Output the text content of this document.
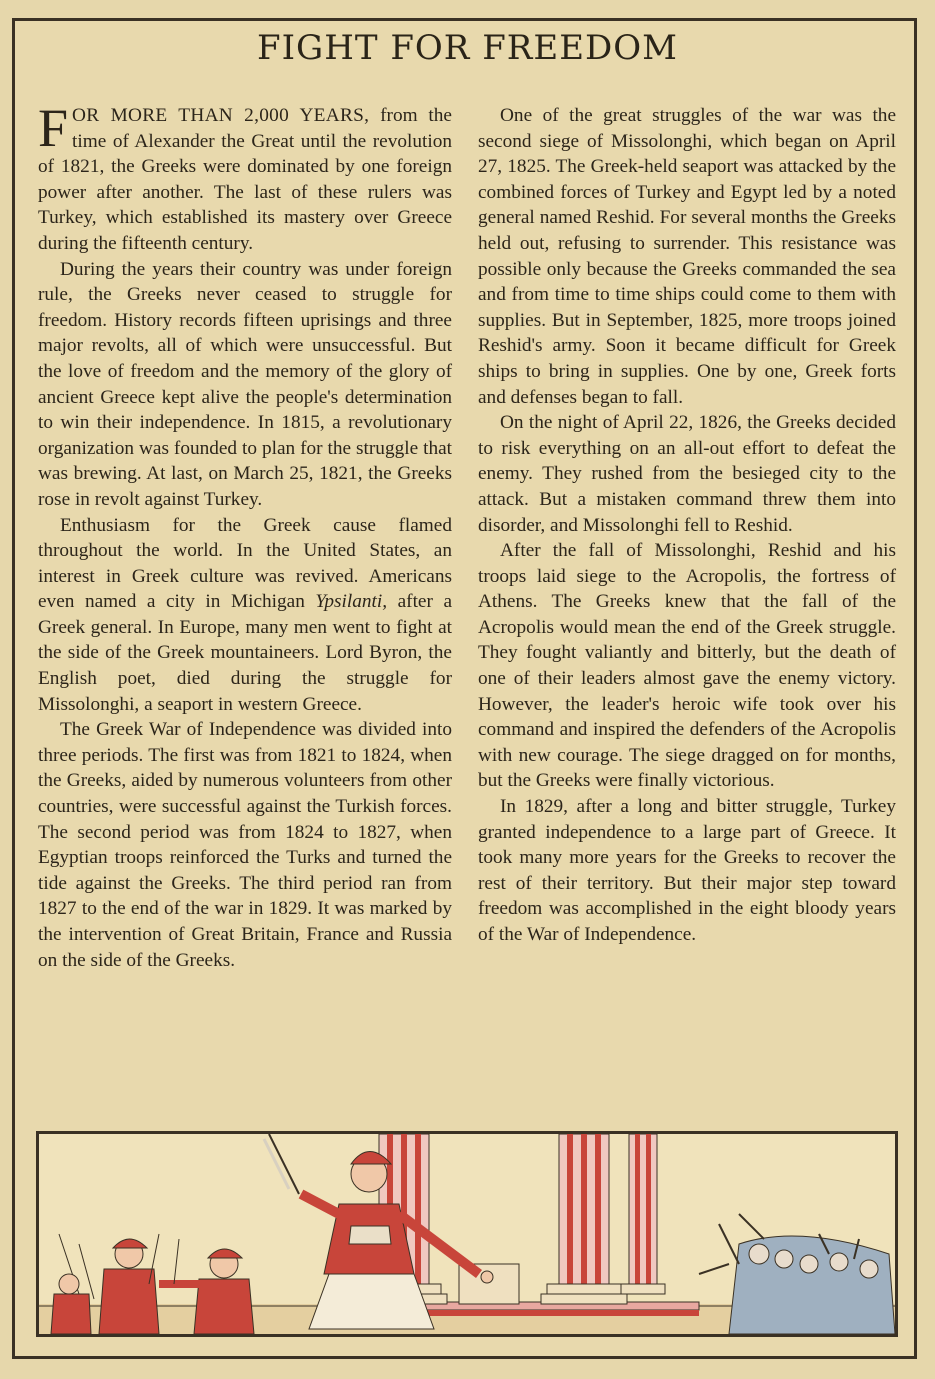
FIGHT FOR FREEDOM

FOR MORE THAN 2,000 YEARS, from the time of Alexander the Great until the revolution of 1821, the Greeks were dominated by one foreign power after another. The last of these rulers was Turkey, which established its mastery over Greece during the fifteenth century.

During the years their country was under foreign rule, the Greeks never ceased to struggle for freedom. History records fifteen uprisings and three major revolts, all of which were unsuccessful. But the love of freedom and the memory of the glory of ancient Greece kept alive the people's determination to win their independence. In 1815, a revolutionary organization was founded to plan for the struggle that was brewing. At last, on March 25, 1821, the Greeks rose in revolt against Turkey.

Enthusiasm for the Greek cause flamed throughout the world. In the United States, an interest in Greek culture was revived. Americans even named a city in Michigan Ypsilanti, after a Greek general. In Europe, many men went to fight at the side of the Greek mountaineers. Lord Byron, the English poet, died during the struggle for Missolonghi, a seaport in western Greece.

The Greek War of Independence was divided into three periods. The first was from 1821 to 1824, when the Greeks, aided by numerous volunteers from other countries, were successful against the Turkish forces. The second period was from 1824 to 1827, when Egyptian troops reinforced the Turks and turned the tide against the Greeks. The third period ran from 1827 to the end of the war in 1829. It was marked by the intervention of Great Britain, France and Russia on the side of the Greeks.

One of the great struggles of the war was the second siege of Missolonghi, which began on April 27, 1825. The Greek-held seaport was attacked by the combined forces of Turkey and Egypt led by a noted general named Reshid. For several months the Greeks held out, refusing to surrender. This resistance was possible only because the Greeks commanded the sea and from time to time ships could come to them with supplies. But in September, 1825, more troops joined Reshid's army. Soon it became difficult for Greek ships to bring in supplies. One by one, Greek forts and defenses began to fall.

On the night of April 22, 1826, the Greeks decided to risk everything on an all-out effort to defeat the enemy. They rushed from the besieged city to the attack. But a mistaken command threw them into disorder, and Missolonghi fell to Reshid.

After the fall of Missolonghi, Reshid and his troops laid siege to the Acropolis, the fortress of Athens. The Greeks knew that the fall of the Acropolis would mean the end of the Greek struggle. They fought valiantly and bitterly, but the death of one of their leaders almost gave the enemy victory. However, the leader's heroic wife took over his command and inspired the defenders of the Acropolis with new courage. The siege dragged on for months, but the Greeks were finally victorious.

In 1829, after a long and bitter struggle, Turkey granted independence to a large part of Greece. It took many more years for the Greeks to recover the rest of their territory. But their major step toward freedom was accomplished in the eight bloody years of the War of Independence.
